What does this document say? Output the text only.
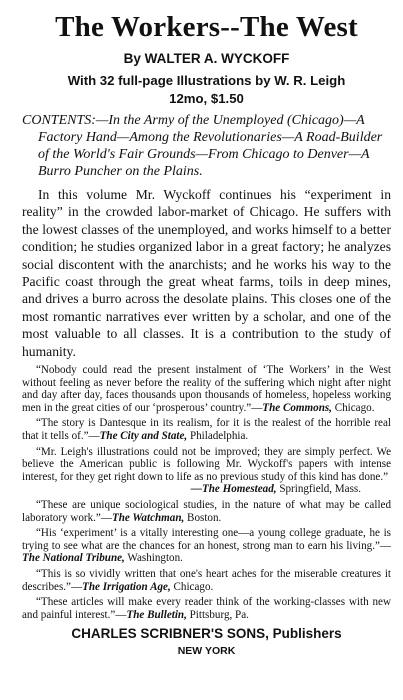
The Workers--The West

By WALTER A. WYCKOFF

With 32 full-page Illustrations by W. R. Leigh

12mo, $1.50

CONTENTS:—In the Army of the Unemployed (Chicago)—A Factory Hand—Among the Revolutionaries—A Road-Builder of the World's Fair Grounds—From Chicago to Denver—A Burro Puncher on the Plains.

In this volume Mr. Wyckoff continues his “experiment in reality” in the crowded labor-market of Chicago. He suffers with the lowest classes of the unemployed, and works himself to a better condition; he studies organized labor in a great factory; he analyzes social discontent with the anarchists; and he works his way to the Pacific coast through the great wheat farms, toils in deep mines, and drives a burro across the desolate plains. This closes one of the most romantic narratives ever written by a scholar, and one of the most valuable to all classes. It is a contribution to the study of humanity.

“Nobody could read the present instalment of ‘The Workers’ in the West without feeling as never before the reality of the suffering which night after night and day after day, faces thousands upon thousands of homeless, hopeless working men in the great cities of our ‘prosperous’ country.”—The Commons, Chicago.

“The story is Dantesque in its realism, for it is the realest of the horrible real that it tells of.”—The City and State, Philadelphia.

“Mr. Leigh's illustrations could not be improved; they are simply perfect. We believe the American public is following Mr. Wyckoff's papers with intense interest, for they get right down to life as no previous study of this kind has done.”

—The Homestead, Springfield, Mass.

“These are unique sociological studies, in the nature of what may be called laboratory work.”—The Watchman, Boston.

“His ‘experiment’ is a vitally interesting one—a young college graduate, he is trying to see what are the chances for an honest, strong man to earn his living.”—The National Tribune, Washington.

“This is so vividly written that one's heart aches for the miserable creatures it describes.”—The Irrigation Age, Chicago.

“These articles will make every reader think of the working-classes with new and painful interest.”—The Bulletin, Pittsburg, Pa.

CHARLES SCRIBNER'S SONS, Publishers

NEW YORK
